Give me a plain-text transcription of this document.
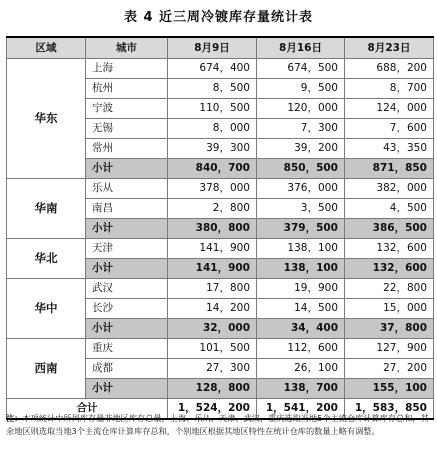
表 4 近三周冷镀库存量统计表
区域	城市	8月9日	8月16日	8月23日
华东	上海	674，400	674，500	688，200
	杭州	8，500	9，500	8，700
	宁波	110，500	120，000	124，000
	无锡	8，000	7，300	7，600
	常州	39，300	39，200	43，350
	小计	840，700	850，500	871，850
华南	乐从	378，000	376，000	382，000
	南昌	2，800	3，500	4，500
	小计	380，800	379，500	386，500
华北	天津	141，900	138，100	132，600
	小计	141，900	138，100	132，600
华中	武汉	17，800	19，900	22，800
	长沙	14，200	14，500	15，000
	小计	32，000	34，400	37，800
西南	重庆	101，500	112，600	127，900
	成都	27，300	26，100	27，200
	小计	128，800	138，700	155，100
合计		1，524，200	1，541，200	1，583，850
注：本项统计中所列库存量非地区库存总量，上海、乐从、天津、武汉、重庆选取当地5个主流仓库计算库存总和，其余地区则选取当地3个主流仓库计算库存总和，个别地区根据其地区特性在统计仓库的数量上略有调整。
